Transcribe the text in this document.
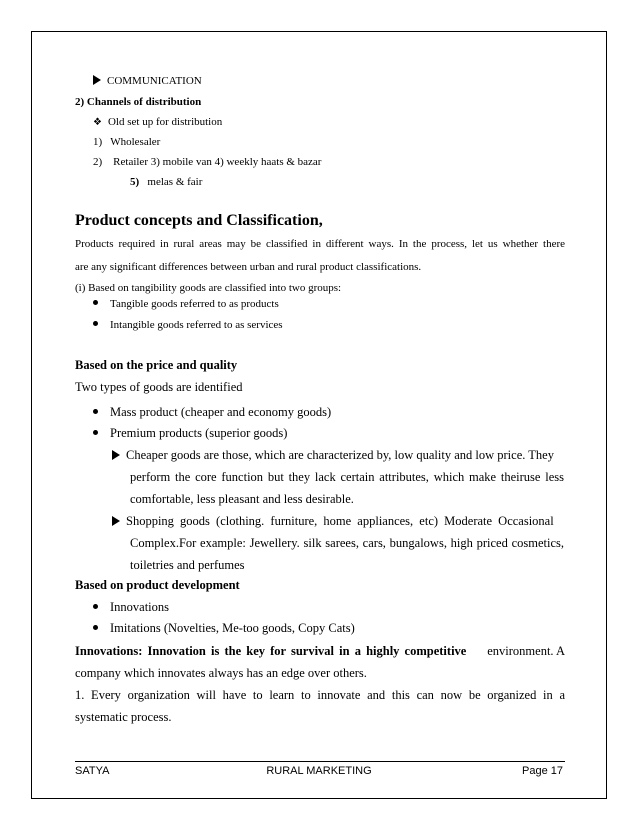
COMMUNICATION
2) Channels of distribution
❖ Old set up for distribution
1)   Wholesaler
2)    Retailer 3) mobile van 4) weekly haats & bazar
5) melas & fair
Product concepts and Classification,
Products required in rural areas may be classified in different ways. In the process, let us whether there
are any significant differences between urban and rural product classifications.
(i) Based on tangibility goods are classified into two groups:
Tangible goods referred to as products
Intangible goods referred to as services
Based on the price and quality
Two types of goods are identified
Mass product (cheaper and economy goods)
Premium products (superior goods)
Cheaper goods are those, which are characterized by, low quality and low price. They
perform the core function but they lack certain attributes, which make theiruse less
comfortable, less pleasant and less desirable.
Shopping goods (clothing. furniture, home appliances, etc) Moderate Occasional
Complex.For example: Jewellery. silk sarees, cars, bungalows, high priced cosmetics,
toiletries and perfumes
Based on product development
Innovations
Imitations (Novelties, Me-too goods, Copy Cats)
Innovations: Innovation is the key for survival in a highly competitive environment. A
company which innovates always has an edge over others.
1. Every organization will have to learn to innovate and this can now be organized in a
systematic process.
SATYA	RURAL MARKETING	Page 17
